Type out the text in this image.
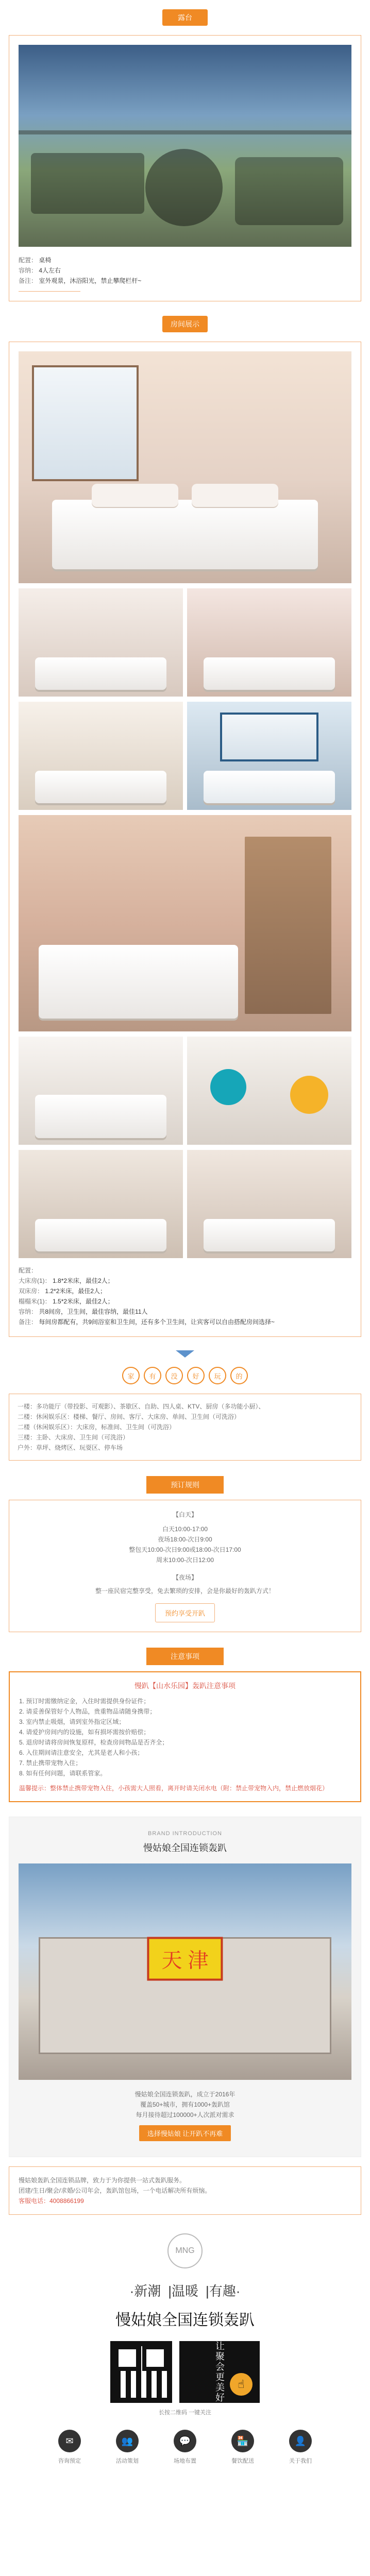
露台
配置： 桌椅
容纳： 4人左右
备注： 室外观景，沐浴阳光，禁止攀爬栏杆~
房间展示
配置：
大床房(1)： 1.8*2米床，最佳2人；
双床房： 1.2*2米床，最佳2人；
榻榻米(1)： 1.5*2米床，最佳2人；
容纳： 共8间房，卫生间，最佳容纳，最佳11人
备注： 每间房都配有，共9间浴室和卫生间，还有多个卫生间，让宾客可以自由搭配房间选择~
家 有 没 好 玩 的
一楼：多功能厅（带投影、可观影）、茶歇区、自助、四人桌、KTV、厨房（多功能小厨）、
二楼：休闲娱乐区：楼梯、餐厅、房间、客厅、大床房、单间、卫生间（可洗浴）
二楼（休闲娱乐区）：大床房，标准间、卫生间（可洗浴）
三楼：主卧、大床房、卫生间（可洗浴）
户外：草坪、烧烤区、玩耍区、停车场
预订规则
【白天】
白天10:00-17:00
夜场18:00-次日9:00
整包天10:00-次日9:00或18:00-次日17:00
周末10:00-次日12:00
【夜场】
整一座民宿完整享受，免去繁琐的安排，会是你最好的轰趴方式！
预约享受开趴
注意事项
慢趴【山水乐园】轰趴注意事项
1. 预订时需缴纳定金，入住时需提供身份证件；
2. 请妥善保管好个人物品，贵重物品请随身携带；
3. 室内禁止吸烟，请到室外指定区域；
4. 请爱护房间内的设施，如有损坏需按价赔偿；
5. 退房时请将房间恢复原样，检查房间物品是否齐全；
6. 入住期间请注意安全，尤其是老人和小孩；
7. 禁止携带宠物入住；
8. 如有任何问题，请联系管家。
温馨提示：整体禁止携带宠物入住，小孩需大人照看，离开时请关闭水电（附：禁止带宠物入内，禁止燃放烟花）
BRAND INTRODUCTION
慢姑娘全国连锁轰趴
天 津
慢姑娘全国连锁轰趴，成立于2016年
覆盖50+城市，拥有1000+轰趴馆
每月接待超过100000+人次派对需求
选择慢姑娘 让开趴不再难
慢姑娘轰趴全国连锁品牌，致力于为你提供一站式轰趴服务。
团建/生日/聚会/求婚/公司年会，轰趴馆包场，一个电话解决所有烦恼。
客服电话：4008866199
MNG
·新潮 |温暖 |有趣·
慢姑娘全国连锁轰趴
让聚会更美好	☝
长按二维码 一键关注
✉
咨询预定
👥
活动策划
💬
场地布置
🏪
餐饮配送
👤
关于我们
